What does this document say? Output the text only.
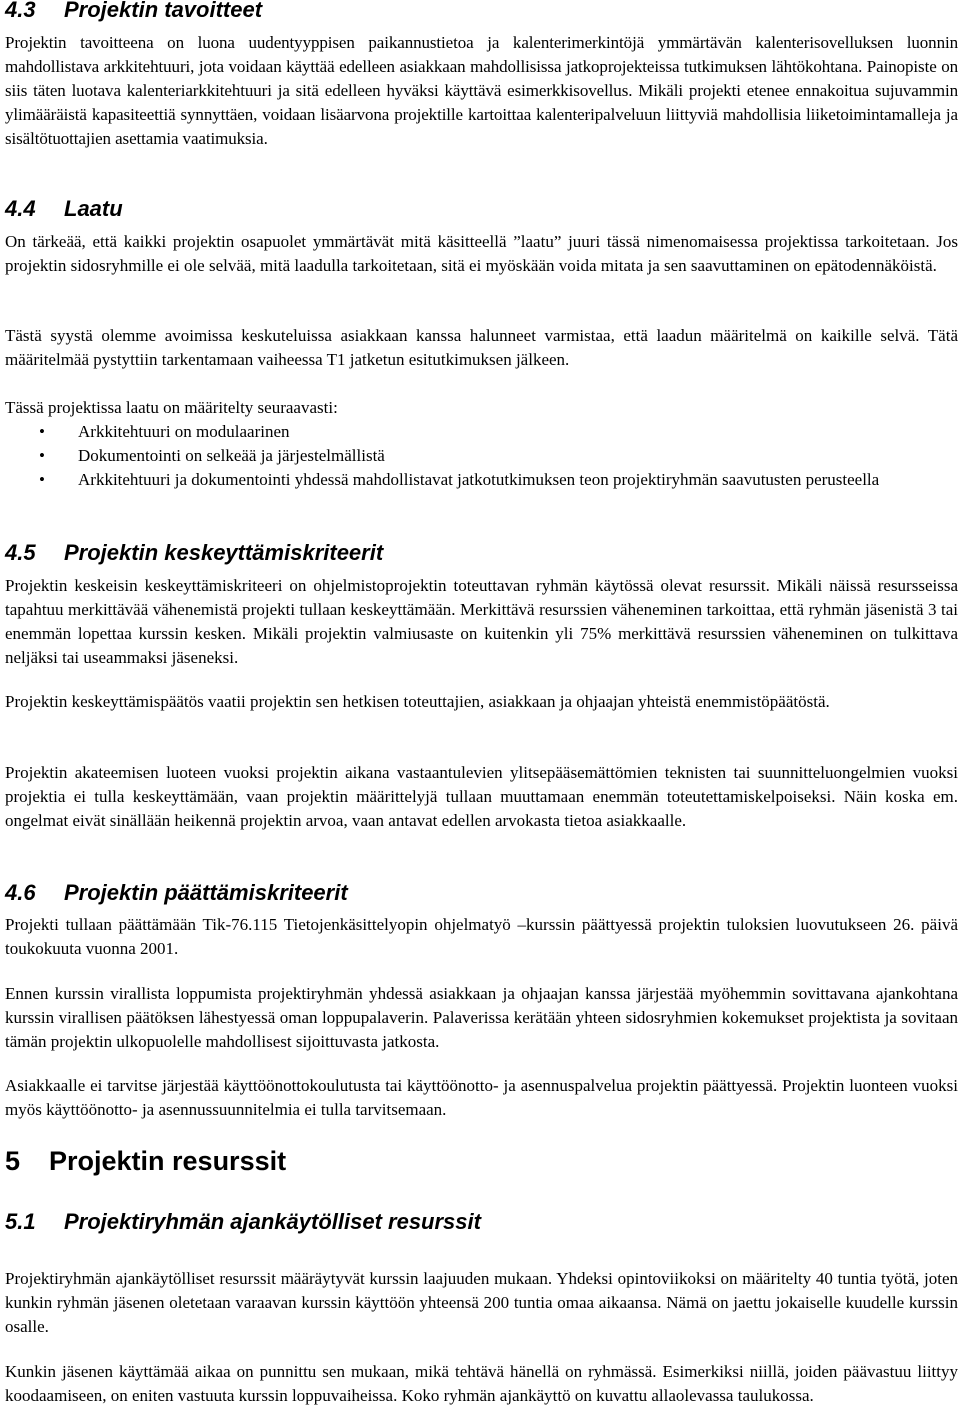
4.3 Projektin tavoitteet

Projektin tavoitteena on luona uudentyyppisen paikannustietoa ja kalenterimerkintöjä ymmärtävän kalenterisovelluksen luonnin mahdollistava arkkitehtuuri, jota voidaan käyttää edelleen asiakkaan mahdollisissa jatkoprojekteissa tutkimuksen lähtökohtana. Painopiste on siis täten luotava kalenteriarkkitehtuuri ja sitä edelleen hyväksi käyttävä esimerkkisovellus. Mikäli projekti etenee ennakoitua sujuvammin ylimääräistä kapasiteettiä synnyttäen, voidaan lisäarvona projektille kartoittaa kalenteripalveluun liittyviä mahdollisia liiketoimintamalleja ja sisältötuottajien asettamia vaatimuksia.

4.4 Laatu

On tärkeää, että kaikki projektin osapuolet ymmärtävät mitä käsitteellä ”laatu” juuri tässä nimenomaisessa projektissa tarkoitetaan. Jos projektin sidosryhmille ei ole selvää, mitä laadulla tarkoitetaan, sitä ei myöskään voida mitata ja sen saavuttaminen on epätodennäköistä.

Tästä syystä olemme avoimissa keskuteluissa asiakkaan kanssa halunneet varmistaa, että laadun määritelmä on kaikille selvä. Tätä määritelmää pystyttiin tarkentamaan vaiheessa T1 jatketun esitutkimuksen jälkeen.

Tässä projektissa laatu on määritelty seuraavasti:

• Arkkitehtuuri on modulaarinen
• Dokumentointi on selkeää ja järjestelmällistä
• Arkkitehtuuri ja dokumentointi yhdessä mahdollistavat jatkotutkimuksen teon projektiryhmän saavutusten perusteella
4.5 Projektin keskeyttämiskriteerit

Projektin keskeisin keskeyttämiskriteeri on ohjelmistoprojektin toteuttavan ryhmän käytössä olevat resurssit. Mikäli näissä resursseissa tapahtuu merkittävää vähenemistä projekti tullaan keskeyttämään. Merkittävä resurssien väheneminen tarkoittaa, että ryhmän jäsenistä 3 tai enemmän lopettaa kurssin kesken. Mikäli projektin valmiusaste on kuitenkin yli 75% merkittävä resurssien väheneminen on tulkittava neljäksi tai useammaksi jäseneksi.

Projektin keskeyttämispäätös vaatii projektin sen hetkisen toteuttajien, asiakkaan ja ohjaajan yhteistä enemmistöpäätöstä.

Projektin akateemisen luoteen vuoksi projektin aikana vastaantulevien ylitsepääsemättömien teknisten tai suunnitteluongelmien vuoksi projektia ei tulla keskeyttämään, vaan projektin määrittelyjä tullaan muuttamaan enemmän toteutettamiskelpoiseksi. Näin koska em. ongelmat eivät sinällään heikennä projektin arvoa, vaan antavat edellen arvokasta tietoa asiakkaalle.

4.6 Projektin päättämiskriteerit

Projekti tullaan päättämään Tik-76.115 Tietojenkäsittelyopin ohjelmatyö –kurssin päättyessä projektin tuloksien luovutukseen 26. päivä toukokuuta vuonna 2001.

Ennen kurssin virallista loppumista projektiryhmän yhdessä asiakkaan ja ohjaajan kanssa järjestää myöhemmin sovittavana ajankohtana kurssin virallisen päätöksen lähestyessä oman loppupalaverin. Palaverissa kerätään yhteen sidosryhmien kokemukset projektista ja sovitaan tämän projektin ulkopuolelle mahdollisest sijoittuvasta jatkosta.

Asiakkaalle ei tarvitse järjestää käyttöönottokoulutusta tai käyttöönotto- ja asennuspalvelua projektin päättyessä. Projektin luonteen vuoksi myös käyttöönotto- ja asennussuunnitelmia ei tulla tarvitsemaan.

5 Projektin resurssit
5.1 Projektiryhmän ajankäytölliset resurssit

Projektiryhmän ajankäytölliset resurssit määräytyvät kurssin laajuuden mukaan. Yhdeksi opintoviikoksi on määritelty 40 tuntia työtä, joten kunkin ryhmän jäsenen oletetaan varaavan kurssin käyttöön yhteensä 200 tuntia omaa aikaansa. Nämä on jaettu jokaiselle kuudelle kurssin osalle.

Kunkin jäsenen käyttämää aikaa on punnittu sen mukaan, mikä tehtävä hänellä on ryhmässä. Esimerkiksi niillä, joiden päävastuu liittyy koodaamiseen, on eniten vastuuta kurssin loppuvaiheissa. Koko ryhmän ajankäyttö on kuvattu allaolevassa taulukossa.
